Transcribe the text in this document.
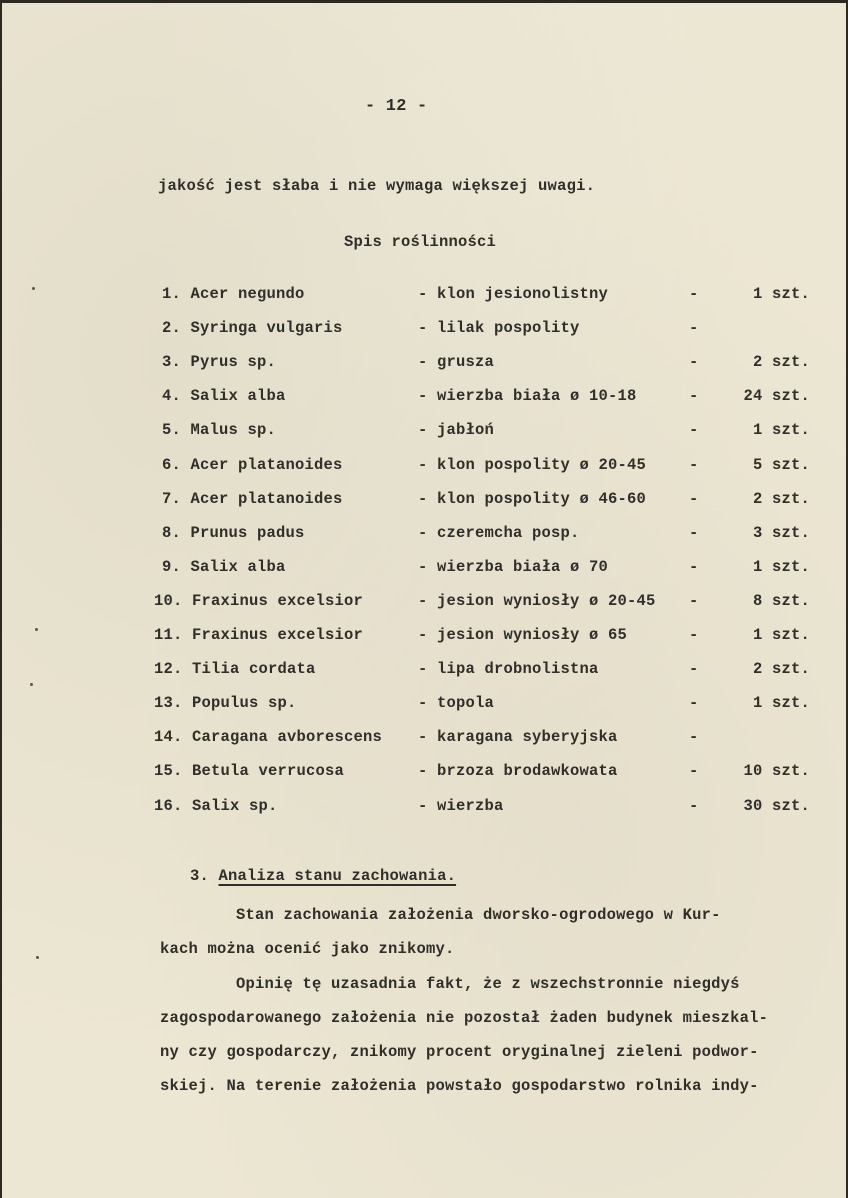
- 12 -
jakość jest słaba i nie wymaga większej uwagi.
Spis roślinności
1. Acer negundo	- klon jesionolistny	-	1 szt.
2. Syringa vulgaris	- lilak pospolity	-
3. Pyrus sp.	- grusza	-	2 szt.
4. Salix alba	- wierzba biała ø 10-18	-	24 szt.
5. Malus sp.	- jabłoń	-	1 szt.
6. Acer platanoides	- klon pospolity ø 20-45	-	5 szt.
7. Acer platanoides	- klon pospolity ø 46-60	-	2 szt.
8. Prunus padus	- czeremcha posp.	-	3 szt.
9. Salix alba	- wierzba biała ø 70	-	1 szt.
10. Fraxinus excelsior	- jesion wyniosły ø 20-45 -	8 szt.
11. Fraxinus excelsior	- jesion wyniosły ø 65	-	1 szt.
12. Tilia cordata	- lipa drobnolistna	-	2 szt.
13. Populus sp.	- topola	-	1 szt.
14. Caragana avborescens - karagana syberyjska	-
15. Betula verrucosa	- brzoza brodawkowata	-	10 szt.
16. Salix sp.	- wierzba	-	30 szt.
3. Analiza stanu zachowania.
Stan zachowania założenia dworsko-ogrodowego w Kur-
kach można ocenić jako znikomy.
Opinię tę uzasadnia fakt, że z wszechstronnie niegdyś
zagospodarowanego założenia nie pozostał żaden budynek mieszkal-
ny czy gospodarczy, znikomy procent oryginalnej zieleni podwor-
skiej. Na terenie założenia powstało gospodarstwo rolnika indy-
